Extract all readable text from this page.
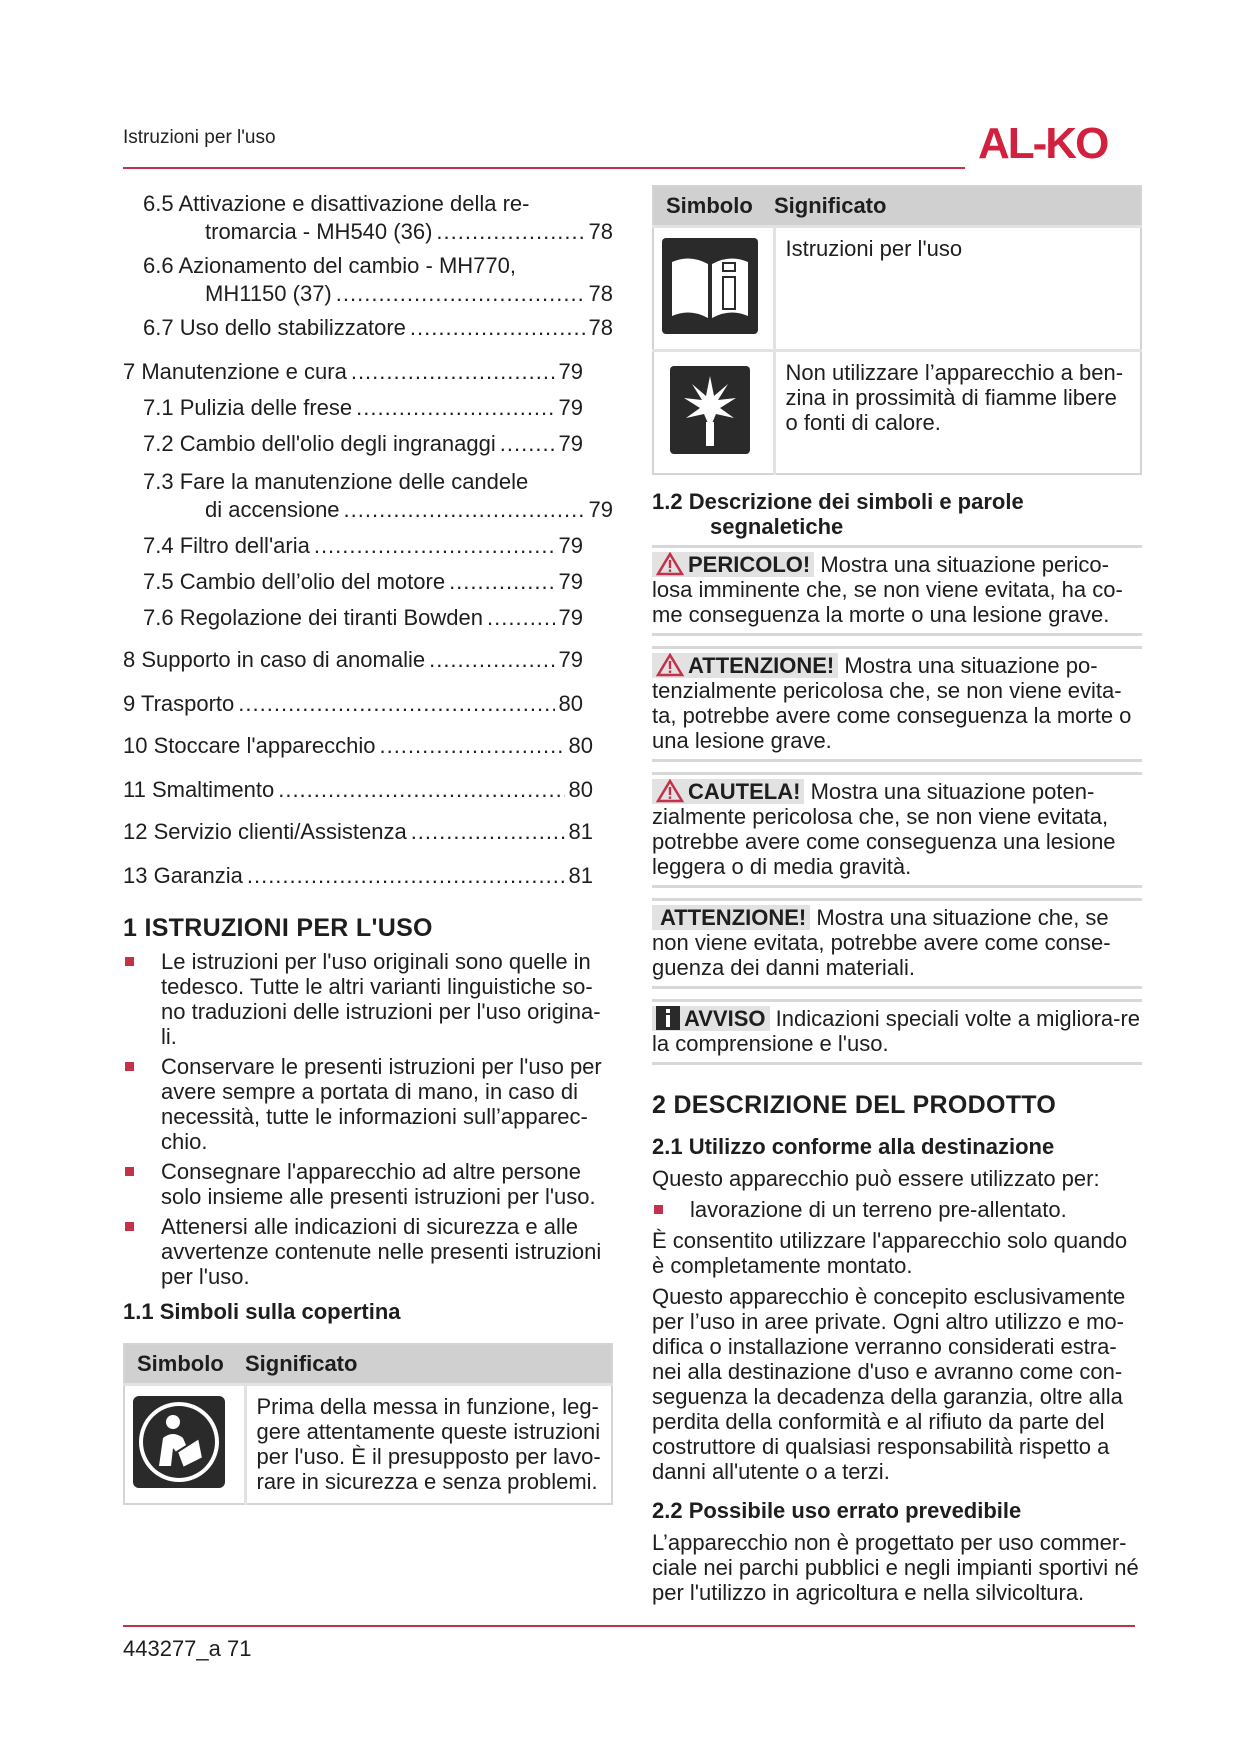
Istruzioni per l'uso	AL-KO
6.5 Attivazione e disattivazione della re-
tromarcia - MH540 (36) .....	78
6.6 Azionamento del cambio - MH770,
MH1150 (37) .....	78
6.7 Uso dello stabilizzatore .....	78
7 Manutenzione e cura .....	79
7.1 Pulizia delle frese .....	79
7.2 Cambio dell'olio degli ingranaggi .....	79
7.3 Fare la manutenzione delle candele
di accensione .....	79
7.4 Filtro dell'aria .....	79
7.5 Cambio dell’olio del motore .....	79
7.6 Regolazione dei tiranti Bowden .....	79
8 Supporto in caso di anomalie .....	79
9 Trasporto .....	80
10 Stoccare l'apparecchio .....	80
11 Smaltimento .....	80
12 Servizio clienti/Assistenza .....	81
13 Garanzia .....	81
1 ISTRUZIONI PER L'USO
Le istruzioni per l'uso originali sono quelle in tedesco. Tutte le altri varianti linguistiche so-no traduzioni delle istruzioni per l'uso origina-li.
Conservare le presenti istruzioni per l'uso per avere sempre a portata di mano, in caso di necessità, tutte le informazioni sull’apparec-chio.
Consegnare l'apparecchio ad altre persone solo insieme alle presenti istruzioni per l'uso.
Attenersi alle indicazioni di sicurezza e alle avvertenze contenute nelle presenti istruzioni per l'uso.
1.1 Simboli sulla copertina
Simbolo	Significato
	Prima della messa in funzione, leg-gere attentamente queste istruzioni per l'uso. È il presupposto per lavo-rare in sicurezza e senza problemi.
Simbolo	Significato
	Istruzioni per l'uso
	Non utilizzare l’apparecchio a ben-zina in prossimità di fiamme libere o fonti di calore.
1.2 Descrizione dei simboli e parole
segnaletiche
PERICOLO! Mostra una situazione perico-losa imminente che, se non viene evitata, ha co-me conseguenza la morte o una lesione grave.
ATTENZIONE! Mostra una situazione po-tenzialmente pericolosa che, se non viene evita-ta, potrebbe avere come conseguenza la morte o una lesione grave.
CAUTELA! Mostra una situazione poten-zialmente pericolosa che, se non viene evitata, potrebbe avere come conseguenza una lesione leggera o di media gravità.
ATTENZIONE! Mostra una situazione che, se non viene evitata, potrebbe avere come conse-guenza dei danni materiali.
AVVISO Indicazioni speciali volte a migliora-re la comprensione e l'uso.
2 DESCRIZIONE DEL PRODOTTO
2.1 Utilizzo conforme alla destinazione

Questo apparecchio può essere utilizzato per:

lavorazione di un terreno pre-allentato.

È consentito utilizzare l'apparecchio solo quando è completamente montato.

Questo apparecchio è concepito esclusivamente per l’uso in aree private. Ogni altro utilizzo e mo-difica o installazione verranno considerati estra-nei alla destinazione d'uso e avranno come con-seguenza la decadenza della garanzia, oltre alla perdita della conformità e al rifiuto da parte del costruttore di qualsiasi responsabilità rispetto a danni all'utente o a terzi.

2.2 Possibile uso errato prevedibile

L’apparecchio non è progettato per uso commer-ciale nei parchi pubblici e negli impianti sportivi né per l'utilizzo in agricoltura e nella silvicoltura.

443277_a 71
